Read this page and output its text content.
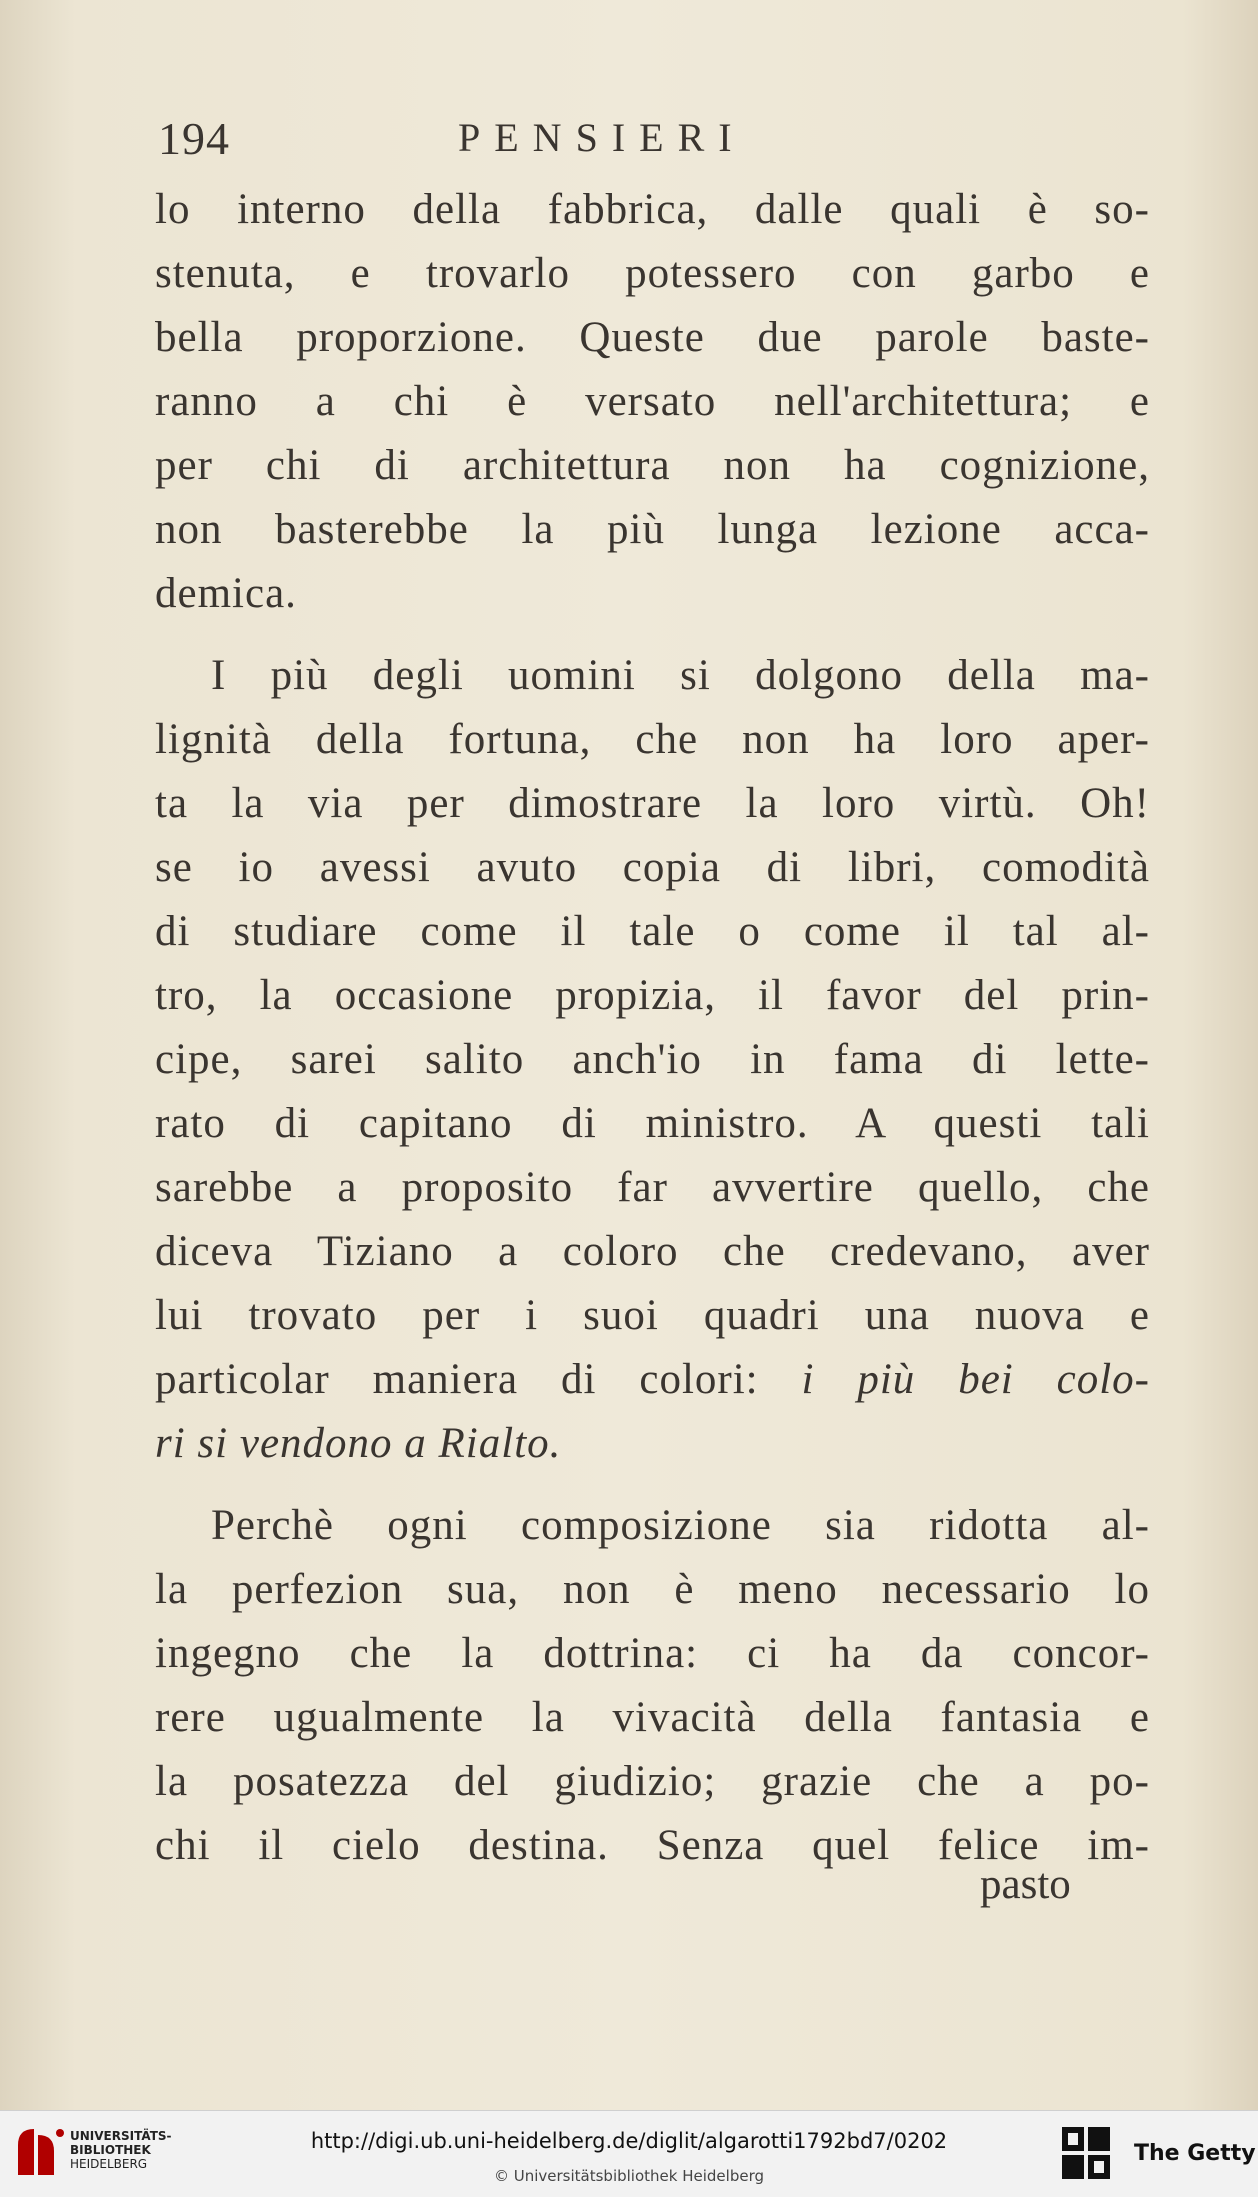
194	PENSIERI
lo interno della fabbrica, dalle quali è so-
stenuta, e trovarlo potessero con garbo e
bella proporzione. Queste due parole baste-
ranno a chi è versato nell'architettura; e
per chi di architettura non ha cognizione,
non basterebbe la più lunga lezione acca-
demica.
I più degli uomini si dolgono della ma-
lignità della fortuna, che non ha loro aper-
ta la via per dimostrare la loro virtù. Oh!
se io avessi avuto copia di libri, comodità
di studiare come il tale o come il tal al-
tro, la occasione propizia, il favor del prin-
cipe, sarei salito anch'io in fama di lette-
rato di capitano di ministro. A questi tali
sarebbe a proposito far avvertire quello, che
diceva Tiziano a coloro che credevano, aver
lui trovato per i suoi quadri una nuova e
particolar maniera di colori: i più bei colo-
ri si vendono a Rialto.
Perchè ogni composizione sia ridotta al-
la perfezion sua, non è meno necessario lo
ingegno che la dottrina: ci ha da concor-
rere ugualmente la vivacità della fantasia e
la posatezza del giudizio; grazie che a po-
chi il cielo destina. Senza quel felice im-
pasto
UNIVERSITÄTS-
BIBLIOTHEK
HEIDELBERG
http://digi.ub.uni-heidelberg.de/diglit/algarotti1792bd7/0202
© Universitätsbibliothek Heidelberg
The Getty
